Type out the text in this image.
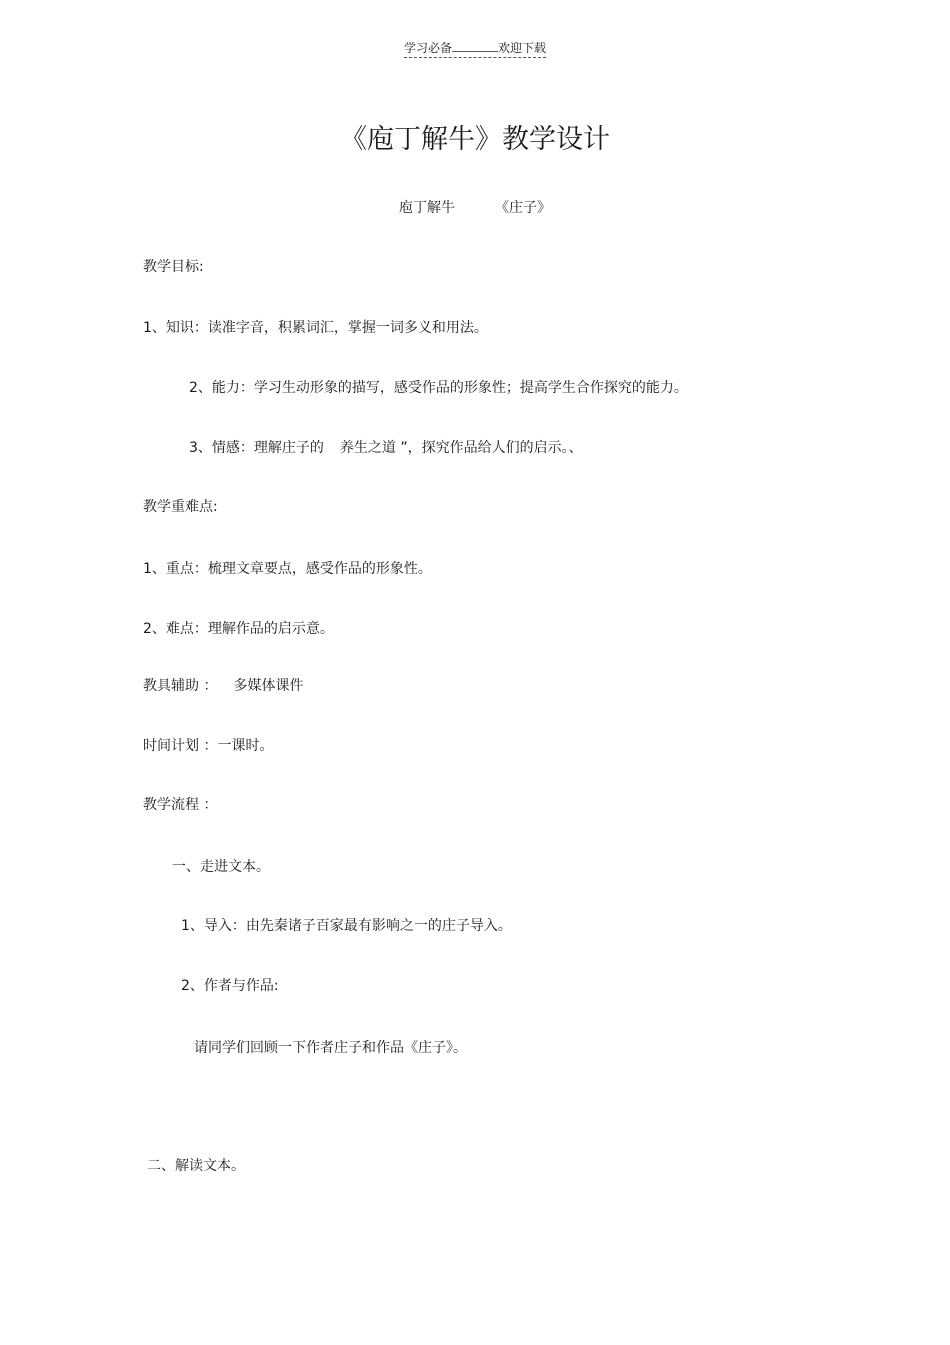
学习必备	欢迎下载
《庖丁解牛》教学设计
庖丁解牛	《庄子》
教学目标:
1、知识：读准字音，积累词汇，掌握一词多义和用法。
2、能力：学习生动形象的描写，感受作品的形象性；提高学生合作探究的能力。
3、情感：理解庄子的 养生之道 ”，探究作品给人们的启示。、
教学重难点:
1、重点：梳理文章要点，感受作品的形象性。
2、难点：理解作品的启示意。
教具辅助 ： 多媒体课件
时间计划 ：一课时。
教学流程 ：
一、走进文本。
1、导入：由先秦诸子百家最有影响之一的庄子导入。
2、作者与作品:
请同学们回顾一下作者庄子和作品《庄子》。
二、解读文本。
